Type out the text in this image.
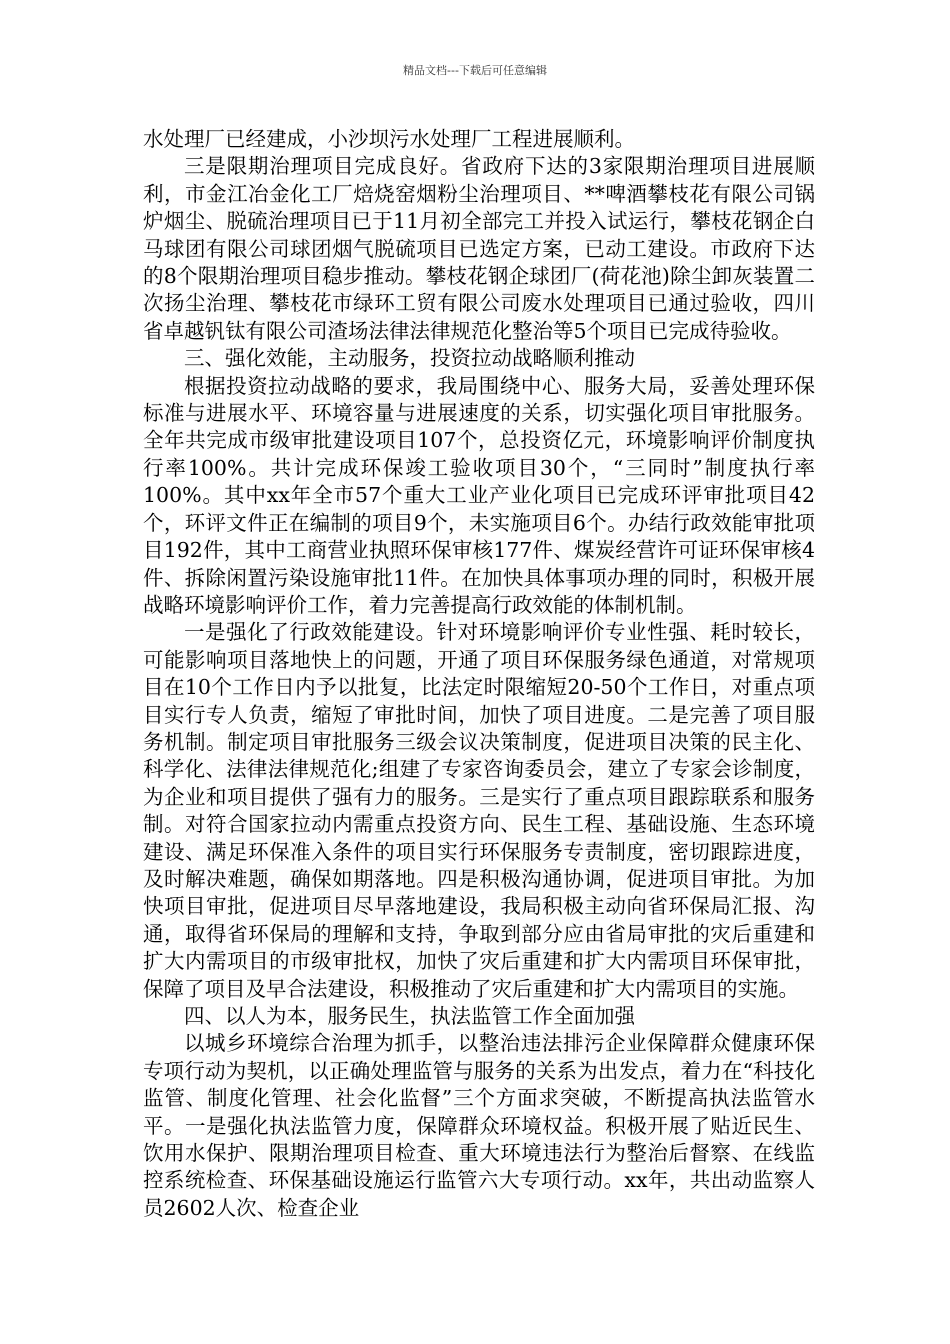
精品文档---下载后可任意编辑

水处理厂已经建成，小沙坝污水处理厂工程进展顺利。

三是限期治理项目完成良好。省政府下达的3家限期治理项目进展顺利，市金江冶金化工厂焙烧窑烟粉尘治理项目、**啤酒攀枝花有限公司锅炉烟尘、脱硫治理项目已于11月初全部完工并投入试运行，攀枝花钢企白马球团有限公司球团烟气脱硫项目已选定方案，已动工建设。市政府下达的8个限期治理项目稳步推动。攀枝花钢企球团厂(荷花池)除尘卸灰装置二次扬尘治理、攀枝花市绿环工贸有限公司废水处理项目已通过验收，四川省卓越钒钛有限公司渣场法律法律规范化整治等5个项目已完成待验收。

三、强化效能，主动服务，投资拉动战略顺利推动

根据投资拉动战略的要求，我局围绕中心、服务大局，妥善处理环保标准与进展水平、环境容量与进展速度的关系，切实强化项目审批服务。全年共完成市级审批建设项目107个，总投资亿元，环境影响评价制度执行率100%。共计完成环保竣工验收项目30个，“三同时”制度执行率100%。其中xx年全市57个重大工业产业化项目已完成环评审批项目42个，环评文件正在编制的项目9个，未实施项目6个。办结行政效能审批项目192件，其中工商营业执照环保审核177件、煤炭经营许可证环保审核4件、拆除闲置污染设施审批11件。在加快具体事项办理的同时，积极开展战略环境影响评价工作，着力完善提高行政效能的体制机制。

一是强化了行政效能建设。针对环境影响评价专业性强、耗时较长，可能影响项目落地快上的问题，开通了项目环保服务绿色通道，对常规项目在10个工作日内予以批复，比法定时限缩短20-50个工作日，对重点项目实行专人负责，缩短了审批时间，加快了项目进度。二是完善了项目服务机制。制定项目审批服务三级会议决策制度，促进项目决策的民主化、科学化、法律法律规范化;组建了专家咨询委员会，建立了专家会诊制度，为企业和项目提供了强有力的服务。三是实行了重点项目跟踪联系和服务制。对符合国家拉动内需重点投资方向、民生工程、基础设施、生态环境建设、满足环保准入条件的项目实行环保服务专责制度，密切跟踪进度，及时解决难题，确保如期落地。四是积极沟通协调，促进项目审批。为加快项目审批，促进项目尽早落地建设，我局积极主动向省环保局汇报、沟通，取得省环保局的理解和支持，争取到部分应由省局审批的灾后重建和扩大内需项目的市级审批权，加快了灾后重建和扩大内需项目环保审批，保障了项目及早合法建设，积极推动了灾后重建和扩大内需项目的实施。

四、以人为本，服务民生，执法监管工作全面加强

以城乡环境综合治理为抓手，以整治违法排污企业保障群众健康环保专项行动为契机，以正确处理监管与服务的关系为出发点，着力在“科技化监管、制度化管理、社会化监督”三个方面求突破，不断提高执法监管水平。一是强化执法监管力度，保障群众环境权益。积极开展了贴近民生、饮用水保护、限期治理项目检查、重大环境违法行为整治后督察、在线监控系统检查、环保基础设施运行监管六大专项行动。xx年，共出动监察人员2602人次、检查企业
